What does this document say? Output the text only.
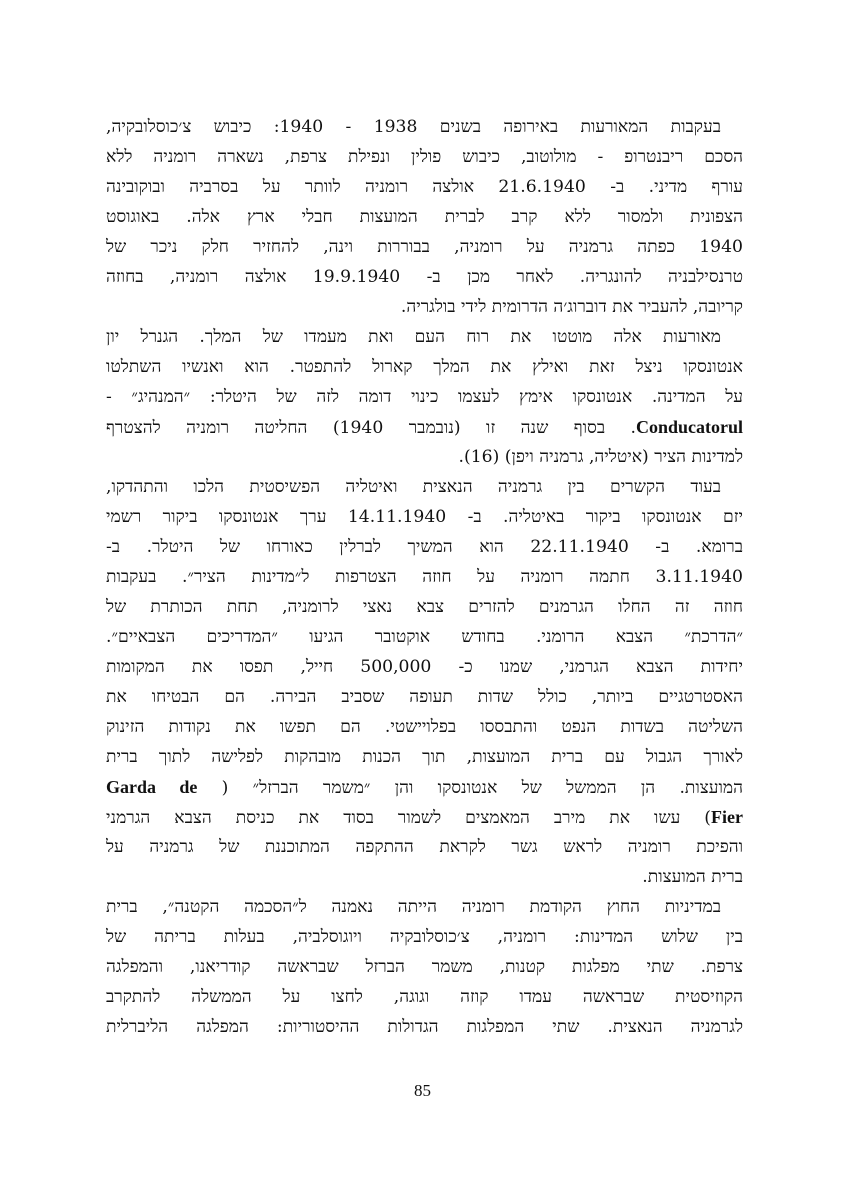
בעקבות המאורעות באירופה בשנים 1938 - 1940: כיבוש צ׳כוסלובקיה,
הסכם ריבנטרופ - מולוטוב, כיבוש פולין ונפילת צרפת, נשארה רומניה ללא
עורף מדיני. ב- 21.6.1940 אולצה רומניה לוותר על בסרביה ובוקובינה
הצפונית ולמסור ללא קרב לברית המועצות חבלי ארץ אלה. באוגוסט
1940 כפתה גרמניה על רומניה, בבוררות וינה, להחזיר חלק ניכר של
טרנסילבניה להונגריה. לאחר מכן ב- 19.9.1940 אולצה רומניה, בחוזה
קריובה, להעביר את דוברוג׳ה הדרומית לידי בולגריה.
מאורעות אלה מוטטו את רוח העם ואת מעמדו של המלך. הגנרל יון
אנטונסקו ניצל זאת ואילץ את המלך קארול להתפטר. הוא ואנשיו השתלטו
על המדינה. אנטונסקו אימץ לעצמו כינוי דומה לזה של היטלר: ״המנהיג״ -
Conducatorul. בסוף שנה זו (נובמבר 1940) החליטה רומניה להצטרף
למדינות הציר (איטליה, גרמניה ויפן) (16).
בעוד הקשרים בין גרמניה הנאצית ואיטליה הפשיסטית הלכו והתהדקו,
יזם אנטונסקו ביקור באיטליה. ב- 14.11.1940 ערך אנטונסקו ביקור רשמי
ברומא. ב- 22.11.1940 הוא המשיך לברלין כאורחו של היטלר. ב-
3.11.1940 חתמה רומניה על חוזה הצטרפות ל״מדינות הציר״. בעקבות
חוזה זה החלו הגרמנים להזרים צבא נאצי לרומניה, תחת הכותרת של
״הדרכת״ הצבא הרומני. בחודש אוקטובר הגיעו ״המדריכים הצבאיים״.
יחידות הצבא הגרמני, שמנו כ- 500,000 חייל, תפסו את המקומות
האסטרטגיים ביותר, כולל שדות תעופה שסביב הבירה. הם הבטיחו את
השליטה בשדות הנפט והתבססו בפלויישטי. הם תפשו את נקודות הזינוק
לאורך הגבול עם ברית המועצות, תוך הכנות מובהקות לפלישה לתוך ברית
המועצות. הן הממשל של אנטונסקו והן ״משמר הברזל״ ( Garda de
Fier) עשו את מירב המאמצים לשמור בסוד את כניסת הצבא הגרמני
והפיכת רומניה לראש גשר לקראת ההתקפה המתוכננת של גרמניה על
ברית המועצות.
במדיניות החוץ הקודמת רומניה הייתה נאמנה ל״הסכמה הקטנה״, ברית
בין שלוש המדינות: רומניה, צ׳כוסלובקיה ויוגוסלביה, בעלות בריתה של
צרפת. שתי מפלגות קטנות, משמר הברזל שבראשה קודריאנו, והמפלגה
הקוזיסטית שבראשה עמדו קוזה וגוגה, לחצו על הממשלה להתקרב
לגרמניה הנאצית. שתי המפלגות הגדולות ההיסטוריות: המפלגה הליברלית
85
